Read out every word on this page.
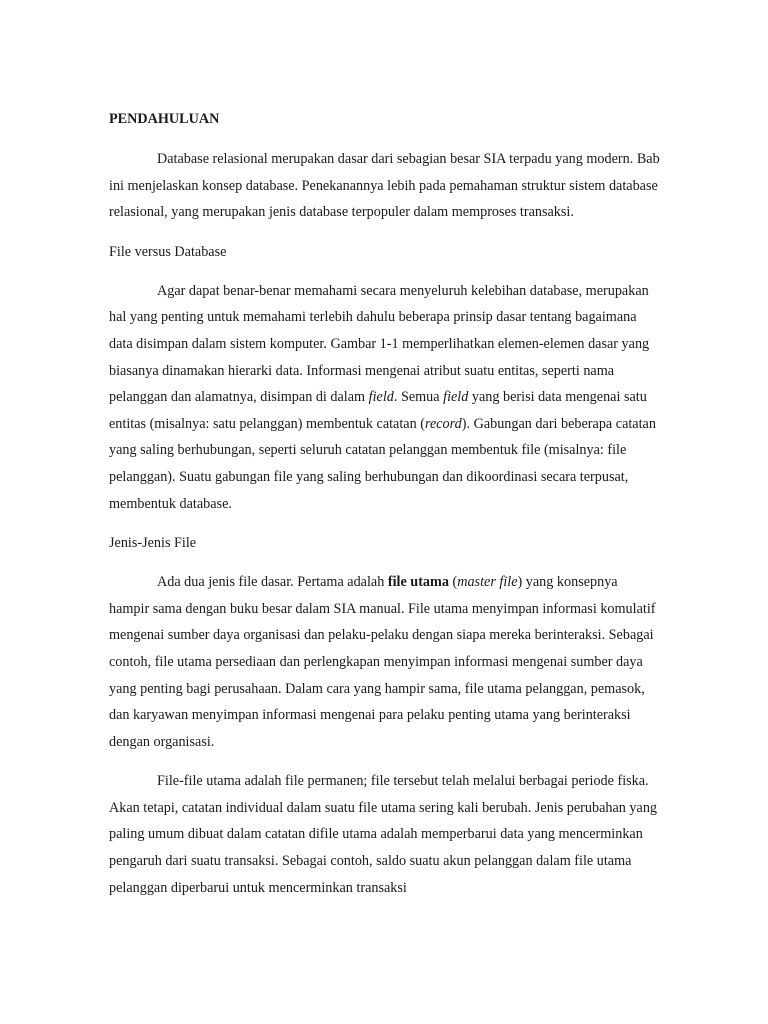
PENDAHULUAN

Database relasional merupakan dasar dari sebagian besar SIA terpadu yang modern. Bab ini menjelaskan konsep database. Penekanannya lebih pada pemahaman struktur sistem database relasional, yang merupakan jenis database terpopuler dalam memproses transaksi.

File versus Database

Agar dapat benar-benar memahami secara menyeluruh kelebihan database, merupakan hal yang penting untuk memahami terlebih dahulu beberapa prinsip dasar tentang bagaimana data disimpan dalam sistem komputer. Gambar 1-1 memperlihatkan elemen-elemen dasar yang biasanya dinamakan hierarki data. Informasi mengenai atribut suatu entitas, seperti nama pelanggan dan alamatnya, disimpan di dalam field. Semua field yang berisi data mengenai satu entitas (misalnya: satu pelanggan) membentuk catatan (record). Gabungan dari beberapa catatan yang saling berhubungan, seperti seluruh catatan pelanggan membentuk file (misalnya: file pelanggan). Suatu gabungan file yang saling berhubungan dan dikoordinasi secara terpusat, membentuk database.

Jenis-Jenis File

Ada dua jenis file dasar. Pertama adalah file utama (master file) yang konsepnya hampir sama dengan buku besar dalam SIA manual. File utama menyimpan informasi komulatif mengenai sumber daya organisasi dan pelaku-pelaku dengan siapa mereka berinteraksi. Sebagai contoh, file utama persediaan dan perlengkapan menyimpan informasi mengenai sumber daya yang penting bagi perusahaan. Dalam cara yang hampir sama, file utama pelanggan, pemasok, dan karyawan menyimpan informasi mengenai para pelaku penting utama yang berinteraksi dengan organisasi.

File-file utama adalah file permanen; file tersebut telah melalui berbagai periode fiska. Akan tetapi, catatan individual dalam suatu file utama sering kali berubah. Jenis perubahan yang paling umum dibuat dalam catatan difile utama adalah memperbarui data yang mencerminkan pengaruh dari suatu transaksi. Sebagai contoh, saldo suatu akun pelanggan dalam file utama pelanggan diperbarui untuk mencerminkan transaksi
